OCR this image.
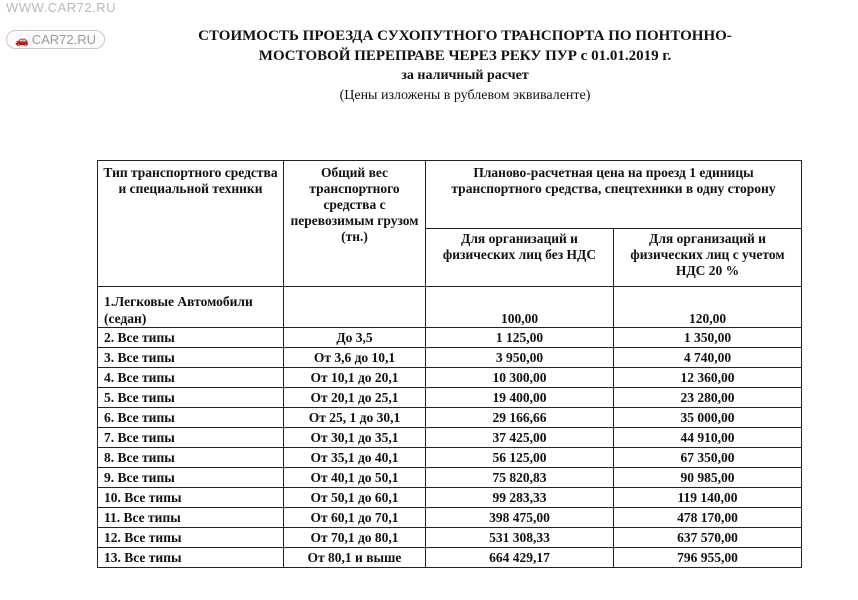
WWW.CAR72.RU
🚗 CAR72.RU	СТОИМОСТЬ ПРОЕЗДА СУХОПУТНОГО ТРАНСПОРТА ПО ПОНТОННО-
МОСТОВОЙ ПЕРЕПРАВЕ ЧЕРЕЗ РЕКУ ПУР с 01.01.2019 г.
за наличный расчет
(Цены изложены в рублевом эквиваленте)
Тип транспортного средства и специальной техники	Общий вес транспортного средства с перевозимым грузом (тн.)	Планово-расчетная цена на проезд 1 единицы транспортного средства, спецтехники в одну сторону	
		Для организаций и физических лиц без НДС	Для организаций и физических лиц с учетом НДС 20 %
1.Легковые Автомобили (седан)		100,00	120,00
2. Все типы	До 3,5	1 125,00	1 350,00
3. Все типы	От 3,6 до 10,1	3 950,00	4 740,00
4. Все типы	От 10,1 до 20,1	10 300,00	12 360,00
5. Все типы	От 20,1 до 25,1	19 400,00	23 280,00
6. Все типы	От 25, 1 до 30,1	29 166,66	35 000,00
7. Все типы	От 30,1 до 35,1	37 425,00	44 910,00
8. Все типы	От 35,1 до 40,1	56 125,00	67 350,00
9. Все типы	От 40,1 до 50,1	75 820,83	90 985,00
10. Все типы	От 50,1 до 60,1	99 283,33	119 140,00
11. Все типы	От 60,1 до 70,1	398 475,00	478 170,00
12. Все типы	От 70,1 до 80,1	531 308,33	637 570,00
13. Все типы	От 80,1 и выше	664 429,17	796 955,00
